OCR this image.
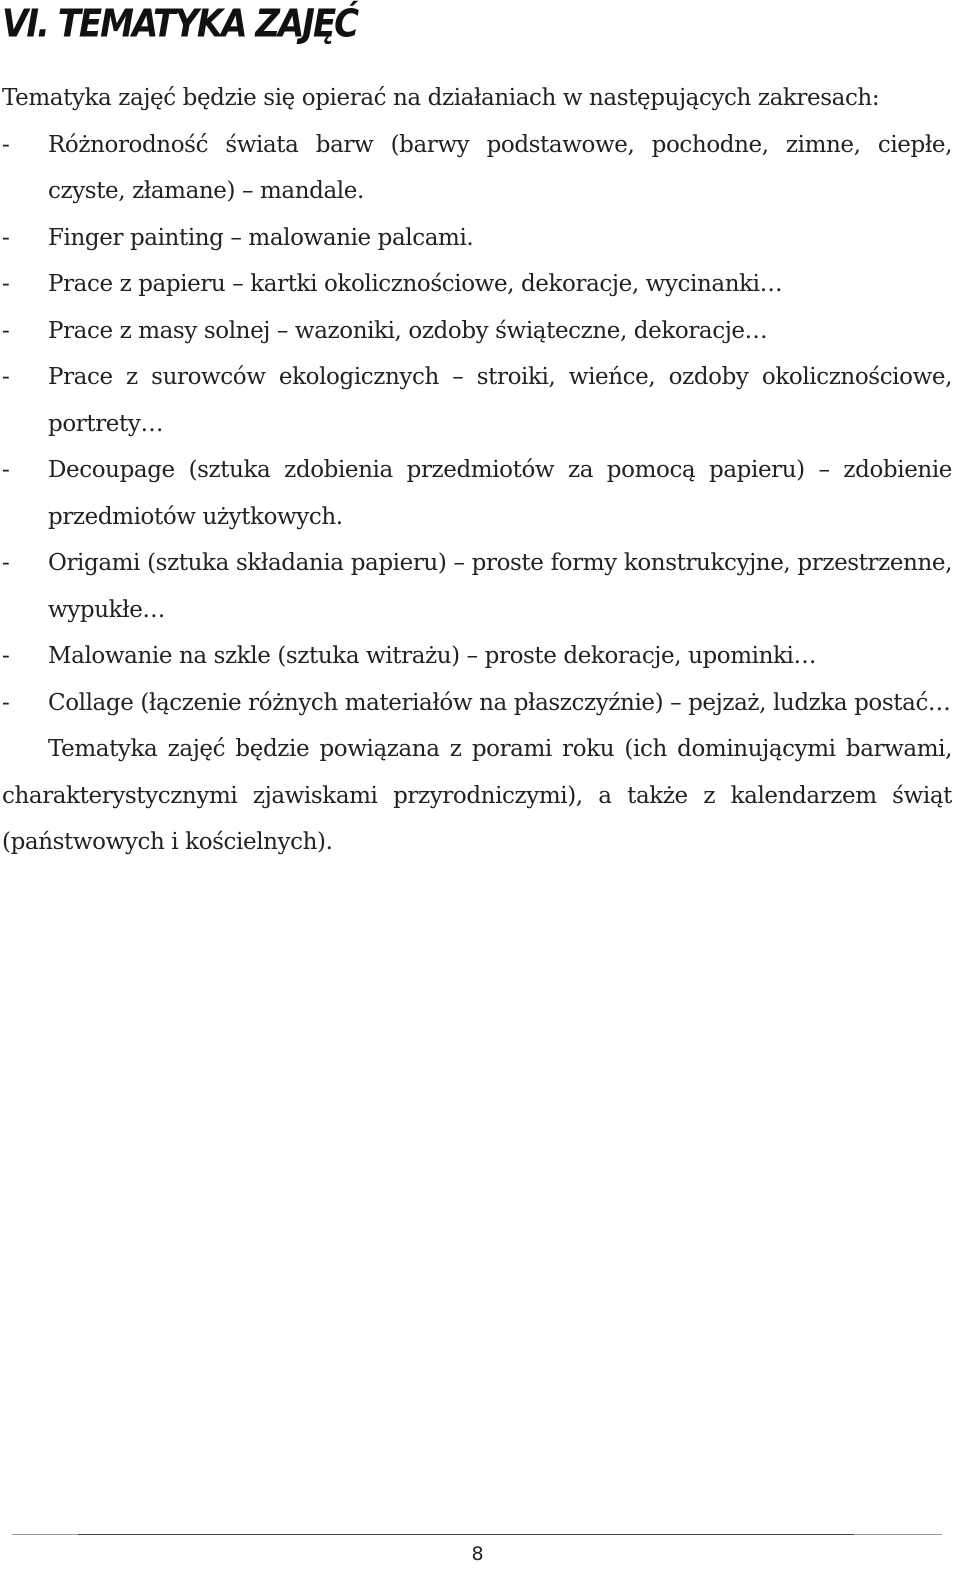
VI. TEMATYKA ZAJĘĆ

Tematyka zajęć będzie się opierać na działaniach w następujących zakresach:

-	Różnorodność świata barw (barwy podstawowe, pochodne, zimne, ciepłe, czyste, złamane) – mandale.
-	Finger painting – malowanie palcami.
-	Prace z papieru – kartki okolicznościowe, dekoracje, wycinanki…
-	Prace z masy solnej – wazoniki, ozdoby świąteczne, dekoracje…
-	Prace z surowców ekologicznych – stroiki, wieńce, ozdoby okolicznościowe, portrety…
-	Decoupage (sztuka zdobienia przedmiotów za pomocą papieru) – zdobienie przedmiotów użytkowych.
-	Origami (sztuka składania papieru) – proste formy konstrukcyjne, przestrzenne, wypukłe…
-	Malowanie na szkle (sztuka witrażu) – proste dekoracje, upominki…
-	Collage (łączenie różnych materiałów na płaszczyźnie) – pejzaż, ludzka postać…

Tematyka zajęć będzie powiązana z porami roku (ich dominującymi barwami, charakterystycznymi zjawiskami przyrodniczymi), a także z kalendarzem świąt (państwowych i kościelnych).

8
